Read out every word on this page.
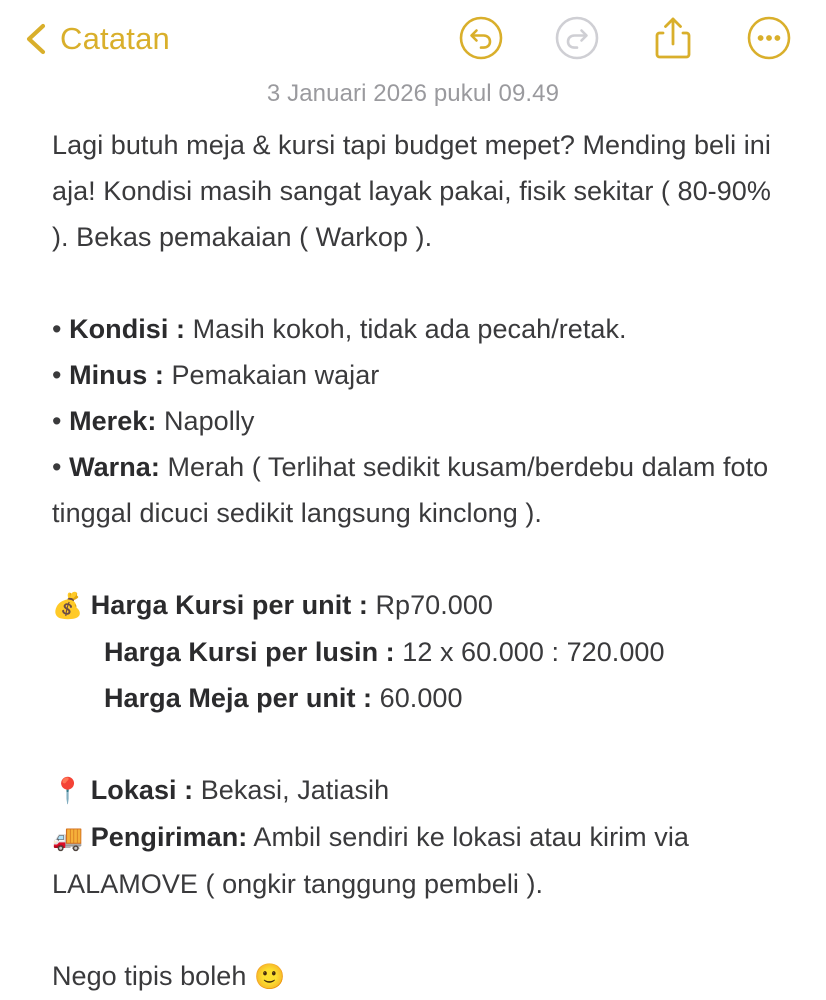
Catatan
3 Januari 2026 pukul 09.49

Lagi butuh meja & kursi tapi budget mepet? Mending beli ini aja! Kondisi masih sangat layak pakai, fisik sekitar ( 80-90% ). Bekas pemakaian ( Warkop ).

• Kondisi : Masih kokoh, tidak ada pecah/retak.

• Minus : Pemakaian wajar

• Merek: Napolly

• Warna: Merah ( Terlihat sedikit kusam/berdebu dalam foto tinggal dicuci sedikit langsung kinclong ).

💰 Harga Kursi per unit : Rp70.000

Harga Kursi per lusin : 12 x 60.000 : 720.000

Harga Meja per unit : 60.000

📍 Lokasi : Bekasi, Jatiasih

🚚 Pengiriman: Ambil sendiri ke lokasi atau kirim via LALAMOVE ( ongkir tanggung pembeli ).

Nego tipis boleh 🙂
